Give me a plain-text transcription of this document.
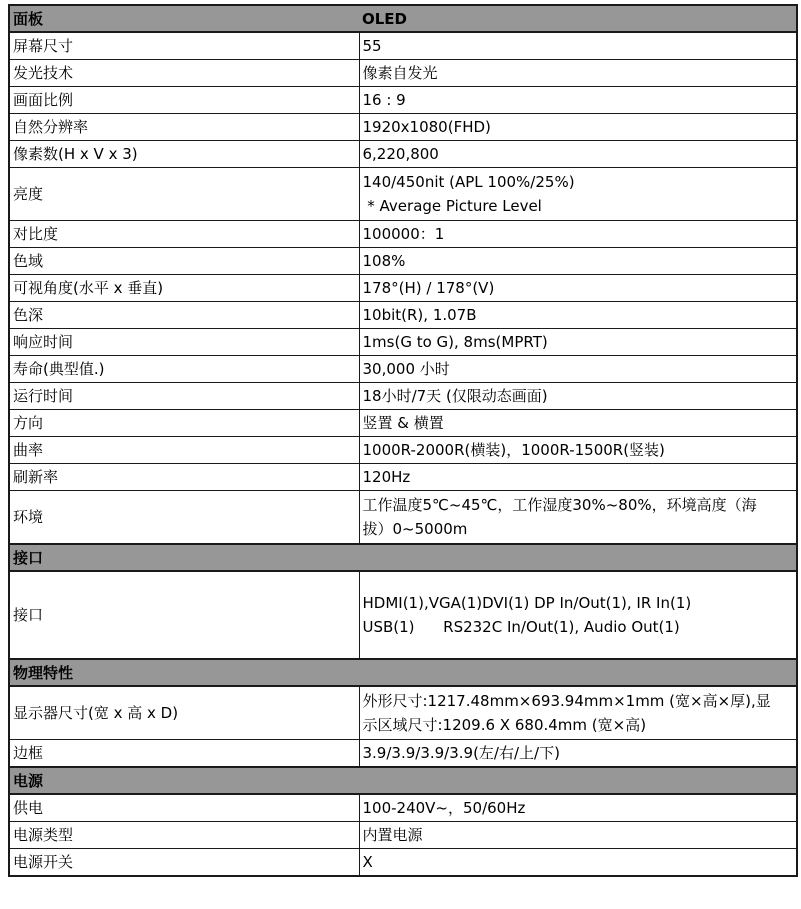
面板	OLED
屏幕尺寸	55

发光技术	像素自发光

画面比例	16 : 9

自然分辨率	1920x1080(FHD)

像素数(H x V x 3)	6,220,800

亮度	140/450nit (APL 100%/25%)
* Average Picture Level

对比度	100000：1

色域	108%

可视角度(水平 x 垂直)	178°(H) / 178°(V)

色深	10bit(R), 1.07B

响应时间	1ms(G to G), 8ms(MPRT)

寿命(典型值.)	30,000 小时

运行时间	18小时/7天 (仅限动态画面)

方向	竖置 & 横置

曲率	1000R-2000R(横装)，1000R-1500R(竖装)

刷新率	120Hz

环境	工作温度5℃~45℃，工作湿度30%~80%，环境高度（海
拔）0~5000m

接口	
接口	HDMI(1),VGA(1)DVI(1) DP In/Out(1), IR In(1)
USB(1)      RS232C In/Out(1), Audio Out(1)

物理特性	
显示器尺寸(宽 x 高 x D)	外形尺寸:1217.48mm×693.94mm×1mm (宽×高×厚),显
示区域尺寸:1209.6 X 680.4mm (宽×高)

边框	3.9/3.9/3.9/3.9(左/右/上/下)

电源	
供电	100-240V~，50/60Hz

电源类型	内置电源

电源开关	X
